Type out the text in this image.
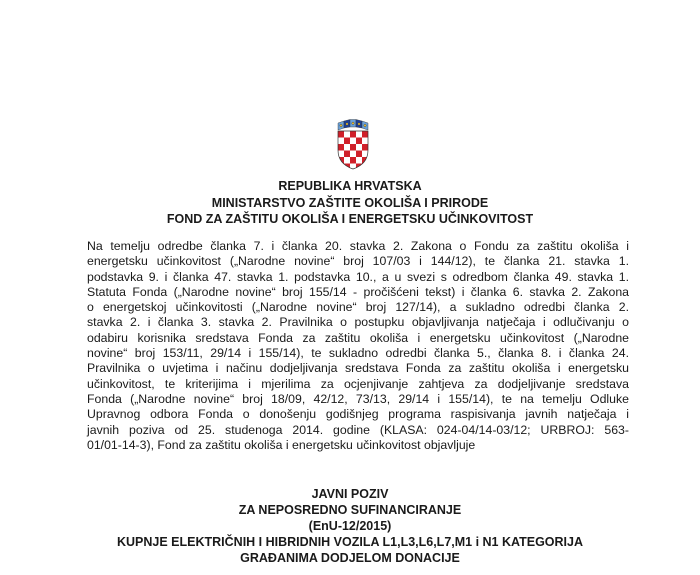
REPUBLIKA HRVATSKA
MINISTARSTVO ZAŠTITE OKOLIŠA I PRIRODE
FOND ZA ZAŠTITU OKOLIŠA I ENERGETSKU UČINKOVITOST
Na temelju odredbe članka 7. i članka 20. stavka 2. Zakona o Fondu za zaštitu okoliša i
energetsku učinkovitost („Narodne novine“ broj 107/03 i 144/12), te članka 21. stavka 1.
podstavka 9. i članka 47. stavka 1. podstavka 10., a u svezi s odredbom članka 49. stavka 1.
Statuta Fonda („Narodne novine“ broj 155/14 - pročišćeni tekst) i članka 6. stavka 2. Zakona
o energetskoj učinkovitosti („Narodne novine“ broj 127/14), a sukladno odredbi članka 2.
stavka 2. i članka 3. stavka 2. Pravilnika o postupku objavljivanja natječaja i odlučivanju o
odabiru korisnika sredstava Fonda za zaštitu okoliša i energetsku učinkovitost („Narodne
novine“ broj 153/11, 29/14 i 155/14), te sukladno odredbi članka 5., članka 8. i članka 24.
Pravilnika o uvjetima i načinu dodjeljivanja sredstava Fonda za zaštitu okoliša i energetsku
učinkovitost, te kriterijima i mjerilima za ocjenjivanje zahtjeva za dodjeljivanje sredstava
Fonda („Narodne novine“ broj 18/09, 42/12, 73/13, 29/14 i 155/14), te na temelju Odluke
Upravnog odbora Fonda o donošenju godišnjeg programa raspisivanja javnih natječaja i
javnih poziva od 25. studenoga 2014. godine (KLASA: 024-04/14-03/12; URBROJ: 563-
01/01-14-3), Fond za zaštitu okoliša i energetsku učinkovitost objavljuje
JAVNI POZIV
ZA NEPOSREDNO SUFINANCIRANJE
(EnU-12/2015)
KUPNJE ELEKTRIČNIH I HIBRIDNIH VOZILA L1,L3,L6,L7,M1 i N1 KATEGORIJA
GRAĐANIMA DODJELOM DONACIJE
